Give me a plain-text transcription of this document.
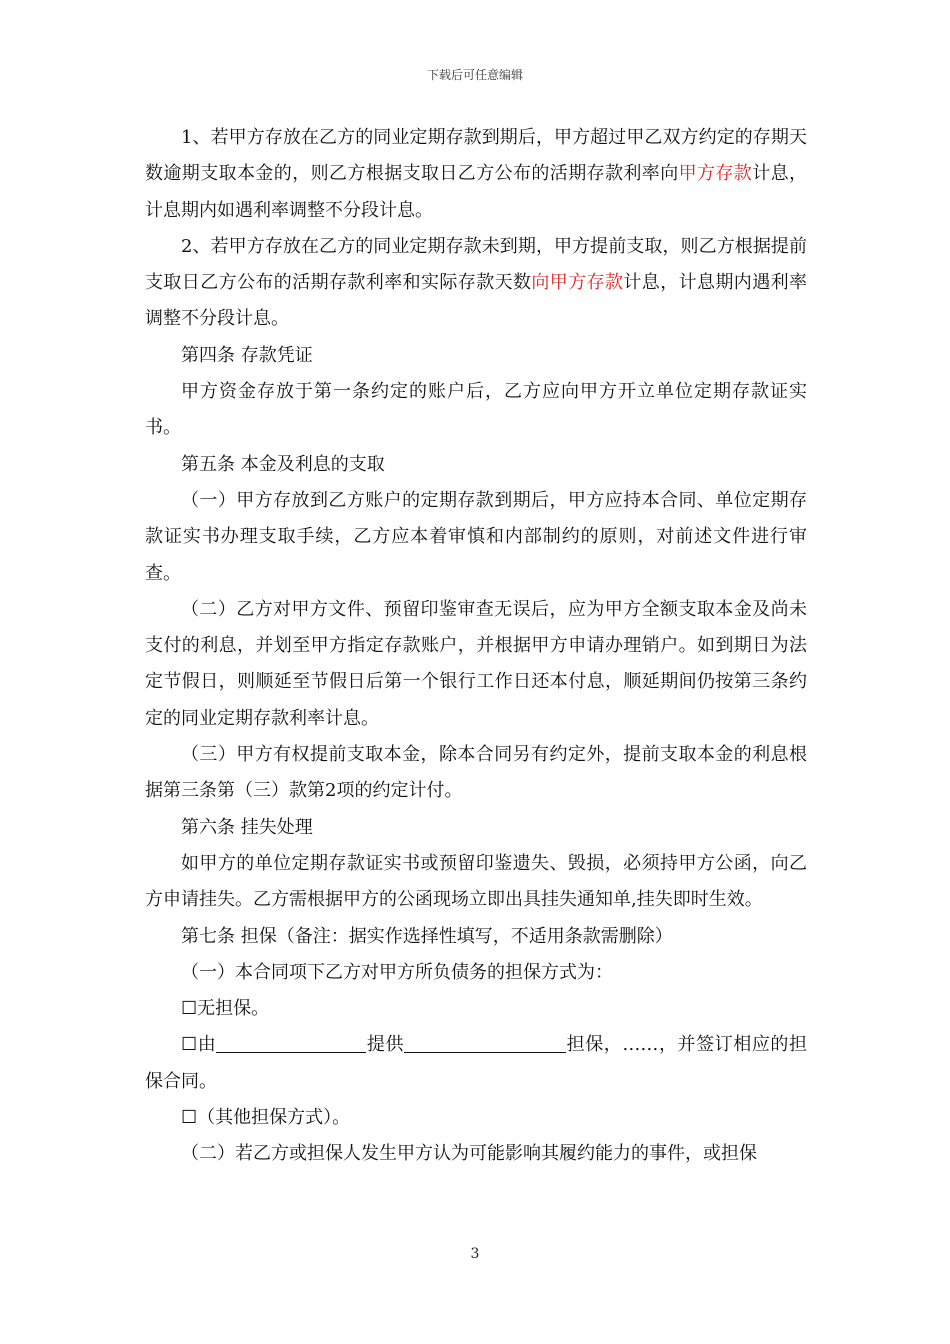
下载后可任意编辑

1、若甲方存放在乙方的同业定期存款到期后，甲方超过甲乙双方约定的存期天数逾期支取本金的，则乙方根据支取日乙方公布的活期存款利率向甲方存款计息，计息期内如遇利率调整不分段计息。

2、若甲方存放在乙方的同业定期存款未到期，甲方提前支取，则乙方根据提前支取日乙方公布的活期存款利率和实际存款天数向甲方存款计息，计息期内遇利率调整不分段计息。

第四条 存款凭证

甲方资金存放于第一条约定的账户后，乙方应向甲方开立单位定期存款证实书。

第五条 本金及利息的支取

（一）甲方存放到乙方账户的定期存款到期后，甲方应持本合同、单位定期存款证实书办理支取手续，乙方应本着审慎和内部制约的原则，对前述文件进行审查。

（二）乙方对甲方文件、预留印鉴审查无误后，应为甲方全额支取本金及尚未支付的利息，并划至甲方指定存款账户，并根据甲方申请办理销户。如到期日为法定节假日，则顺延至节假日后第一个银行工作日还本付息，顺延期间仍按第三条约定的同业定期存款利率计息。

（三）甲方有权提前支取本金，除本合同另有约定外，提前支取本金的利息根据第三条第（三）款第2项的约定计付。

第六条 挂失处理

如甲方的单位定期存款证实书或预留印鉴遗失、毁损，必须持甲方公函，向乙方申请挂失。乙方需根据甲方的公函现场立即出具挂失通知单,挂失即时生效。

第七条 担保（备注：据实作选择性填写，不适用条款需删除）

（一）本合同项下乙方对甲方所负债务的担保方式为：

☐无担保。

☐由	提供	担保，……，并签订相应的担保合同。

☐（其他担保方式）。

（二）若乙方或担保人发生甲方认为可能影响其履约能力的事件，或担保

3
